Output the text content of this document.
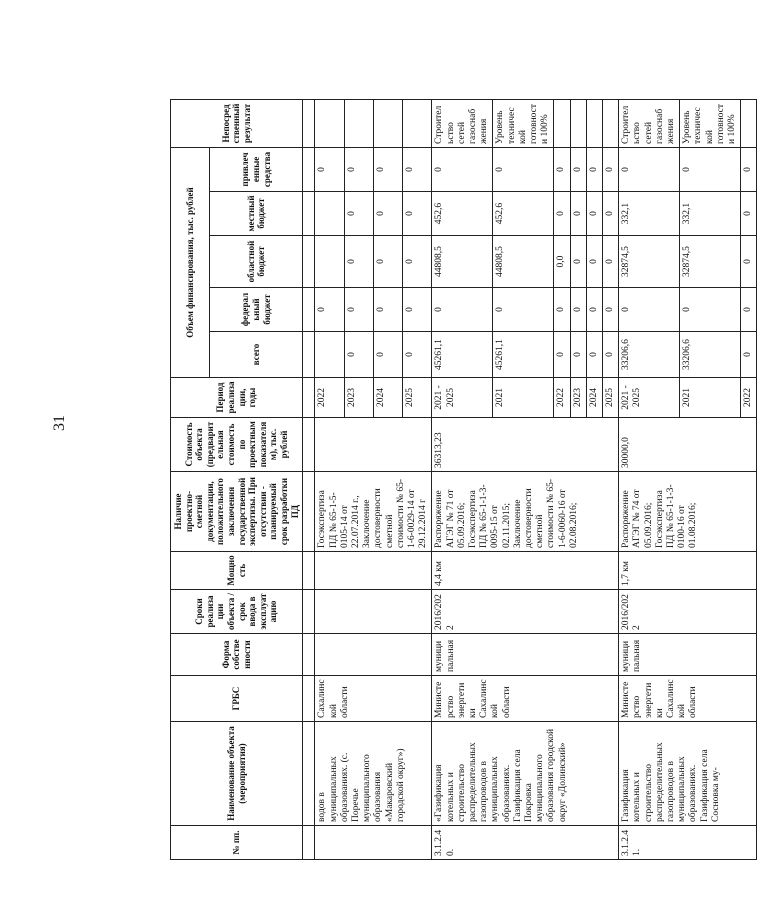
31
№ пп.	Наименование объекта (мероприятия)	ГРБС	Форма собственности	Сроки реализации объекта / срок ввода в эксплуатацию	Мощность	Наличие проектно-сметной документации, положительного заключения государственной экспертизы. При отсутствии - планируемый срок разработки ПД	Стоимость объекта (предварительная стоимость по проектным показателям), тыс. рублей	Период реализации, годы	Объем финансирования, тыс. рублей					Непосредственный результат
									всего	федеральный бюджет	областной бюджет	местный бюджет	привлеченные средства	

	водов в муниципальных образованиях. (с. Поречье муниципального образования «Макаровский городской округ»)	Сахалинской области				Госэкспертиза ПД № 65-1-5-0105-14 от 22.07.2014 г., Заключение достоверности сметной стоимости № 65-1-6-0029-14 от 29.12.2014 г		2022		0			0	
								2023	0	0	0	0	0	
								2024	0	0	0	0	0	
								2025	0	0	0	0	0	
3.1.2.40.	«Газификация котельных и строительство распределительных газопроводов в муниципальных образованиях. Газификация села Покровка муниципального образования городской округ «Долинский»	Министерство энергетики Сахалинской области	муниципальная	2016/2022	4,4 км	Распоряжение АГЭГ № 71 от 05.09.2016; Госэкспертиза ПД № 65-1-1-3-0095-15 от 02.11.2015; Заключение достоверности сметной стоимости № 65-1-6-0060-16 от 02.08.2016;	36313,23	2021 - 2025	45261,1	0	44808,5	452,6	0	Строительство сетей газоснабжения
								2021	45261,1	0	44808,5	452,6	0	Уровень технической готовности 100%
								2022	0	0	0,0	0	0	
								2023	0	0	0	0	0	
								2024	0	0	0	0	0	
								2025	0	0	0	0	0	
3.1.2.41.	Газификация котельных и строительство распределительных газопроводов в муниципальных образованиях. Газификация села Сосновка му-	Министерство энергетики Сахалинской области	муниципальная	2016/2022	1,7 км	Распоряжение АГЭГ № 74 от 05.09.2016; Госэкспертиза ПД № 65-1-1-3-0100-16 от 01.08.2016;	30000,0	2021 - 2025	33206,6	0	32874,5	332,1	0	Строительство сетей газоснабжения
								2021	33206,6	0	32874,5	332,1	0	Уровень технической готовности 100%
								2022	0	0	0	0	0	
